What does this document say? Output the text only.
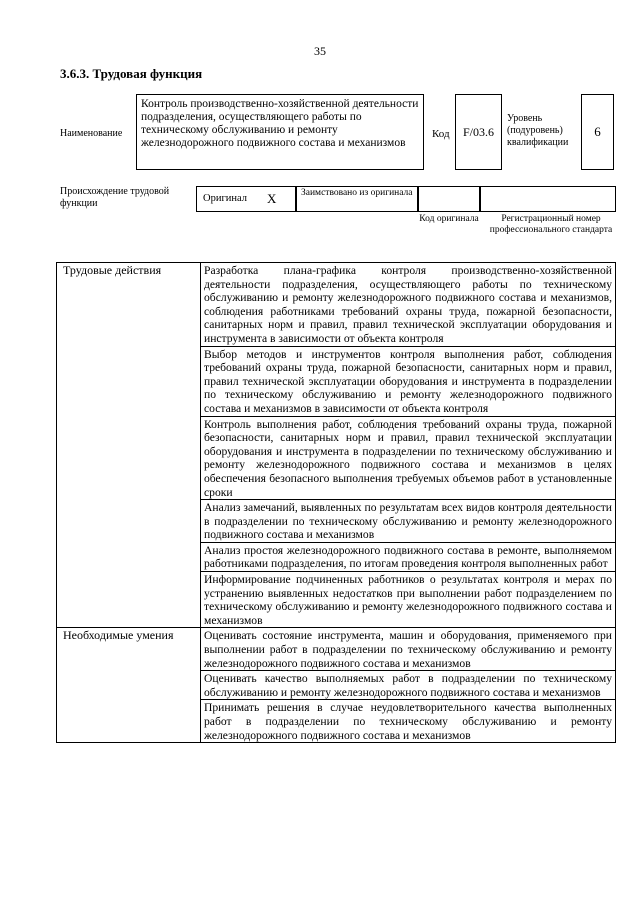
35
3.6.3. Трудовая функция
Наименование
Контроль производственно-хозяйственной деятельности подразделения, осуществляющего работы по техническому обслуживанию и ремонту железнодорожного подвижного состава и механизмов
Код	F/03.6
Уровень (подуровень) квалификации
6
Происхождение трудовой функции	Оригинал X	Заимствовано из оригинала
Код оригинала	Регистрационный номер профессионального стандарта
Трудовые действия	Разработка плана-графика контроля производственно-хозяйственной деятельности подразделения, осуществляющего работы по техническому обслуживанию и ремонту железнодорожного подвижного состава и механизмов, соблюдения работниками требований охраны труда, пожарной безопасности, санитарных норм и правил, правил технической эксплуатации оборудования и инструмента в зависимости от объекта контроля
	Выбор методов и инструментов контроля выполнения работ, соблюдения требований охраны труда, пожарной безопасности, санитарных норм и правил, правил технической эксплуатации оборудования и инструмента в подразделении по техническому обслуживанию и ремонту железнодорожного подвижного состава и механизмов в зависимости от объекта контроля
	Контроль выполнения работ, соблюдения требований охраны труда, пожарной безопасности, санитарных норм и правил, правил технической эксплуатации оборудования и инструмента в подразделении по техническому обслуживанию и ремонту железнодорожного подвижного состава и механизмов в целях обеспечения безопасного выполнения требуемых объемов работ в установленные сроки
	Анализ замечаний, выявленных по результатам всех видов контроля деятельности в подразделении по техническому обслуживанию и ремонту железнодорожного подвижного состава и механизмов
	Анализ простоя железнодорожного подвижного состава в ремонте, выполняемом работниками подразделения, по итогам проведения контроля выполненных работ
	Информирование подчиненных работников о результатах контроля и мерах по устранению выявленных недостатков при выполнении работ подразделением по техническому обслуживанию и ремонту железнодорожного подвижного состава и механизмов
Необходимые умения	Оценивать состояние инструмента, машин и оборудования, применяемого при выполнении работ в подразделении по техническому обслуживанию и ремонту железнодорожного подвижного состава и механизмов
	Оценивать качество выполняемых работ в подразделении по техническому обслуживанию и ремонту железнодорожного подвижного состава и механизмов
	Принимать решения в случае неудовлетворительного качества выполненных работ в подразделении по техническому обслуживанию и ремонту железнодорожного подвижного состава и механизмов
